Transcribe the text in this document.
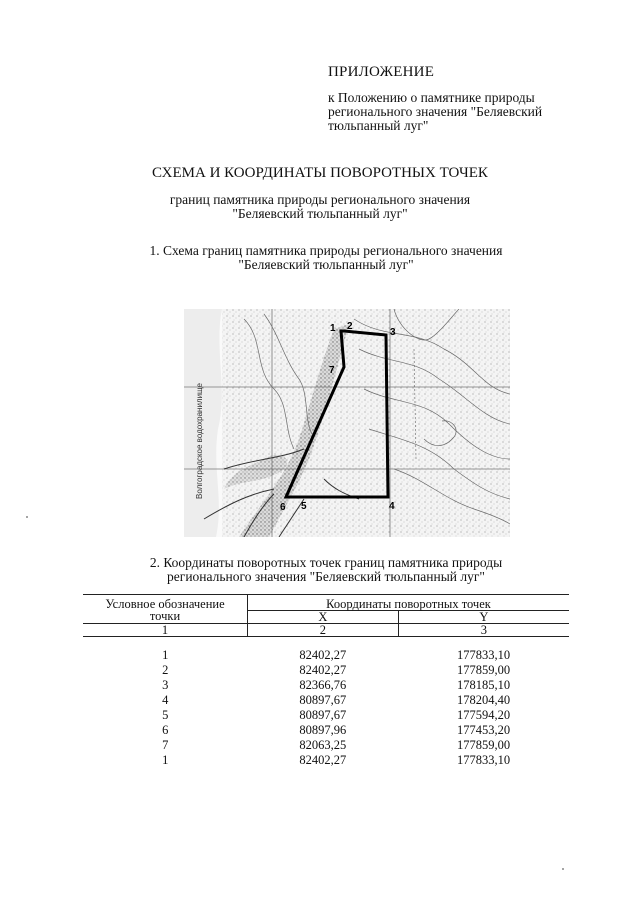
ПРИЛОЖЕНИЕ
к Положению о памятнике природы
регионального значения "Беляевский
тюльпанный луг"
СХЕМА И КООРДИНАТЫ ПОВОРОТНЫХ ТОЧЕК
границ памятника природы регионального значения
"Беляевский тюльпанный луг"
1. Схема границ памятника природы регионального значения
"Беляевский тюльпанный луг"
Волгоградское водохранилище
1 2
3
4
5
6
7
2. Координаты поворотных точек границ памятника природы
регионального значения "Беляевский тюльпанный луг"
Условное обозначение
точки	Координаты поворотных точек	
	X	Y
1	2	3

1	82402,27	177833,10
2	82402,27	177859,00
3	82366,76	178185,10
4	80897,67	178204,40
5	80897,67	177594,20
6	80897,96	177453,20
7	82063,25	177859,00
1	82402,27	177833,10
